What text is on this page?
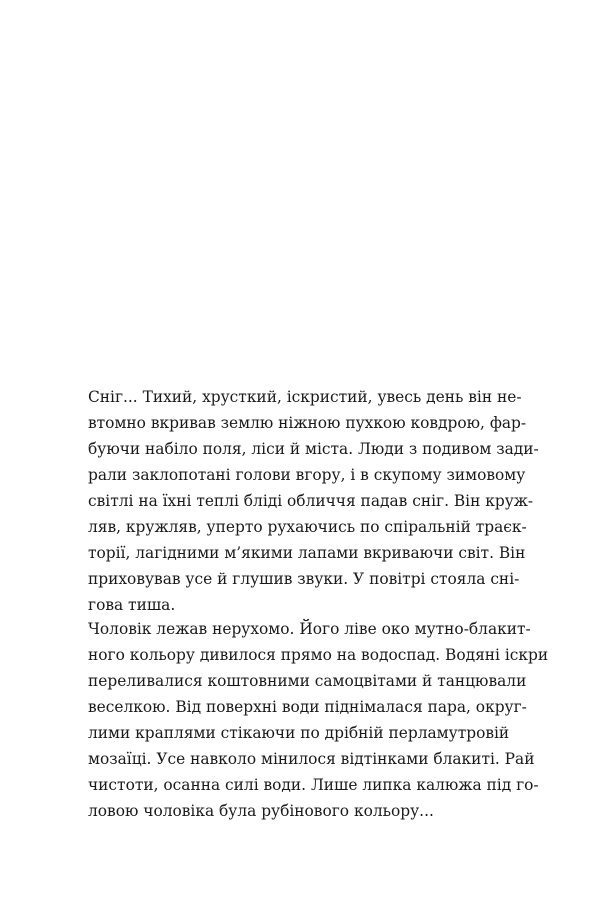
Сніг... Тихий, хрусткий, іскристий, увесь день він не-
втомно вкривав землю ніжною пухкою ковдрою, фар-
буючи набіло поля, ліси й міста. Люди з подивом зади-
рали заклопотані голови вгору, і в скупому зимовому
світлі на їхні теплі бліді обличчя падав сніг. Він круж-
ляв, кружляв, уперто рухаючись по спіральній траєк-
торії, лагідними м’якими лапами вкриваючи світ. Він
приховував усе й глушив звуки. У повітрі стояла сні-
гова тиша.
Чоловік лежав нерухомо. Його ліве око мутно-блакит-
ного кольору дивилося прямо на водоспад. Водяні іскри
переливалися коштовними самоцвітами й танцювали
веселкою. Від поверхні води піднімалася пара, округ-
лими краплями стікаючи по дрібній перламутровій
мозаїці. Усе навколо мінилося відтінками блакиті. Рай
чистоти, осанна силі води. Лише липка калюжа під го-
ловою чоловіка була рубінового кольору...
